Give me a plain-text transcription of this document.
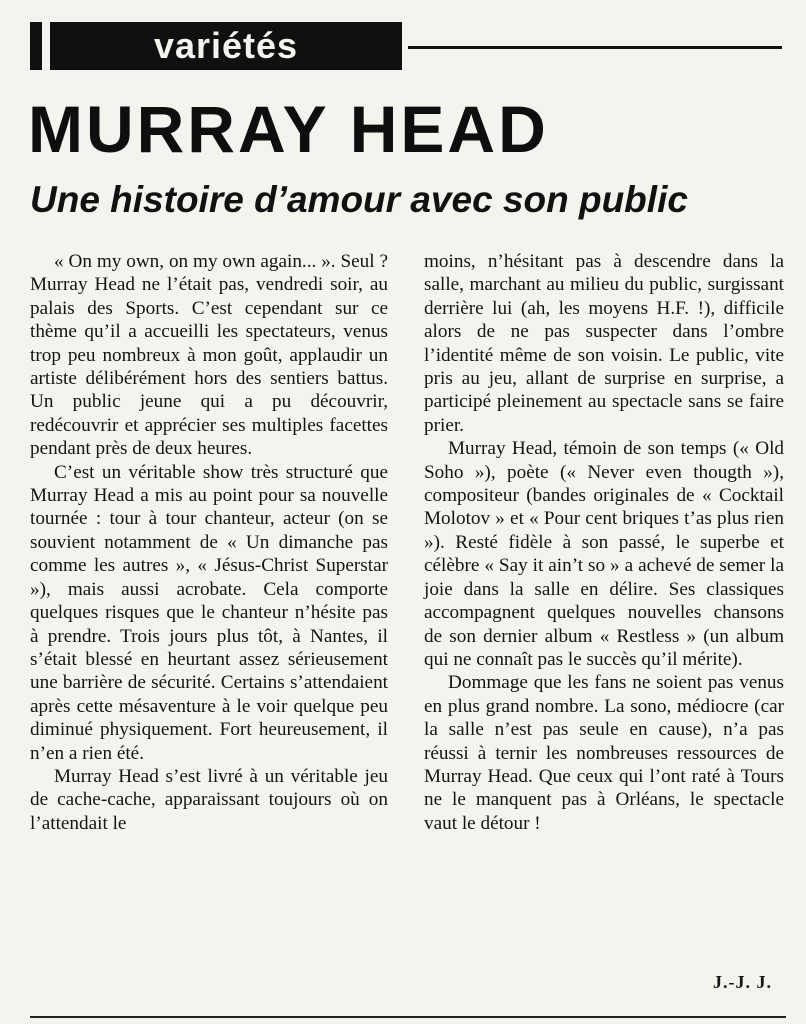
variétés
MURRAY HEAD
Une histoire d’amour avec son public

« On my own, on my own again... ». Seul ? Murray Head ne l’était pas, vendredi soir, au palais des Sports. C’est cependant sur ce thème qu’il a accueilli les spectateurs, venus trop peu nombreux à mon goût, applaudir un artiste délibérément hors des sentiers battus. Un public jeune qui a pu découvrir, redécouvrir et apprécier ses multiples facettes pendant près de deux heures.

C’est un véritable show très structuré que Murray Head a mis au point pour sa nouvelle tournée : tour à tour chanteur, acteur (on se souvient notamment de « Un dimanche pas comme les autres », « Jésus-Christ Superstar »), mais aussi acrobate. Cela comporte quelques risques que le chanteur n’hésite pas à prendre. Trois jours plus tôt, à Nantes, il s’était blessé en heurtant assez sérieusement une barrière de sécurité. Certains s’attendaient après cette mésaventure à le voir quelque peu diminué physiquement. Fort heureusement, il n’en a rien été.

Murray Head s’est livré à un véritable jeu de cache-cache, apparaissant toujours où on l’attendait le

moins, n’hésitant pas à descendre dans la salle, marchant au milieu du public, surgissant derrière lui (ah, les moyens H.F. !), difficile alors de ne pas suspecter dans l’ombre l’identité même de son voisin. Le public, vite pris au jeu, allant de surprise en surprise, a participé pleinement au spectacle sans se faire prier.

Murray Head, témoin de son temps (« Old Soho »), poète (« Never even thougth »), compositeur (bandes originales de « Cocktail Molotov » et « Pour cent briques t’as plus rien »). Resté fidèle à son passé, le superbe et célèbre « Say it ain’t so » a achevé de semer la joie dans la salle en délire. Ses classiques accompagnent quelques nouvelles chansons de son dernier album « Restless » (un album qui ne connaît pas le succès qu’il mérite).

Dommage que les fans ne soient pas venus en plus grand nombre. La sono, médiocre (car la salle n’est pas seule en cause), n’a pas réussi à ternir les nombreuses ressources de Murray Head. Que ceux qui l’ont raté à Tours ne le manquent pas à Orléans, le spectacle vaut le détour !

J.-J. J.
